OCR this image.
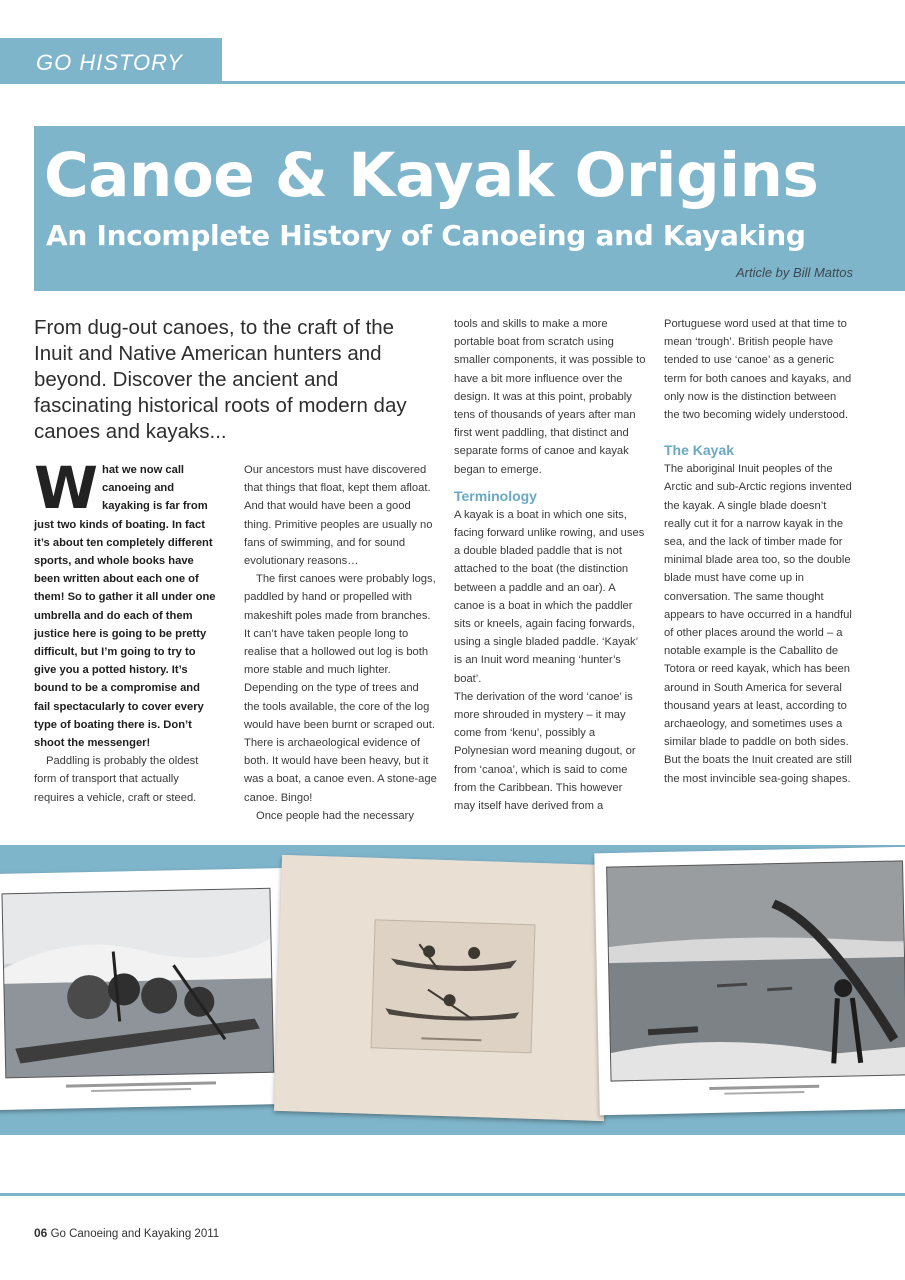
GO HISTORY
Canoe & Kayak Origins
An Incomplete History of Canoeing and Kayaking
Article by Bill Mattos
From dug-out canoes, to the craft of the Inuit and Native American hunters and beyond. Discover the ancient and fascinating historical roots of modern day canoes and kayaks...

What we now call canoeing and kayaking is far from just two kinds of boating. In fact it’s about ten completely different sports, and whole books have been written about each one of them! So to gather it all under one umbrella and do each of them justice here is going to be pretty difficult, but I’m going to try to give you a potted history. It’s bound to be a compromise and fail spectacularly to cover every type of boating there is. Don’t shoot the messenger!

Paddling is probably the oldest form of transport that actually requires a vehicle, craft or steed.

Our ancestors must have discovered that things that float, kept them afloat. And that would have been a good thing. Primitive peoples are usually no fans of swimming, and for sound evolutionary reasons…

The first canoes were probably logs, paddled by hand or propelled with makeshift poles made from branches. It can’t have taken people long to realise that a hollowed out log is both more stable and much lighter. Depending on the type of trees and the tools available, the core of the log would have been burnt or scraped out. There is archaeological evidence of both. It would have been heavy, but it was a boat, a canoe even. A stone-age canoe. Bingo!

Once people had the necessary

tools and skills to make a more portable boat from scratch using smaller components, it was possible to have a bit more influence over the design. It was at this point, probably tens of thousands of years after man first went paddling, that distinct and separate forms of canoe and kayak began to emerge.

Terminology

A kayak is a boat in which one sits, facing forward unlike rowing, and uses a double bladed paddle that is not attached to the boat (the distinction between a paddle and an oar). A canoe is a boat in which the paddler sits or kneels, again facing forwards, using a single bladed paddle. ‘Kayak’ is an Inuit word meaning ‘hunter’s boat’.

The derivation of the word ‘canoe’ is more shrouded in mystery – it may come from ‘kenu’, possibly a Polynesian word meaning dugout, or from ‘canoa’, which is said to come from the Caribbean. This however may itself have derived from a

Portuguese word used at that time to mean ‘trough’. British people have tended to use ‘canoe’ as a generic term for both canoes and kayaks, and only now is the distinction between the two becoming widely understood.

The Kayak

The aboriginal Inuit peoples of the Arctic and sub-Arctic regions invented the kayak. A single blade doesn’t really cut it for a narrow kayak in the sea, and the lack of timber made for minimal blade area too, so the double blade must have come up in conversation. The same thought appears to have occurred in a handful of other places around the world – a notable example is the Caballito de Totora or reed kayak, which has been around in South America for several thousand years at least, according to archaeology, and sometimes uses a similar blade to paddle on both sides. But the boats the Inuit created are still the most invincible sea-going shapes.

06 Go Canoeing and Kayaking 2011
